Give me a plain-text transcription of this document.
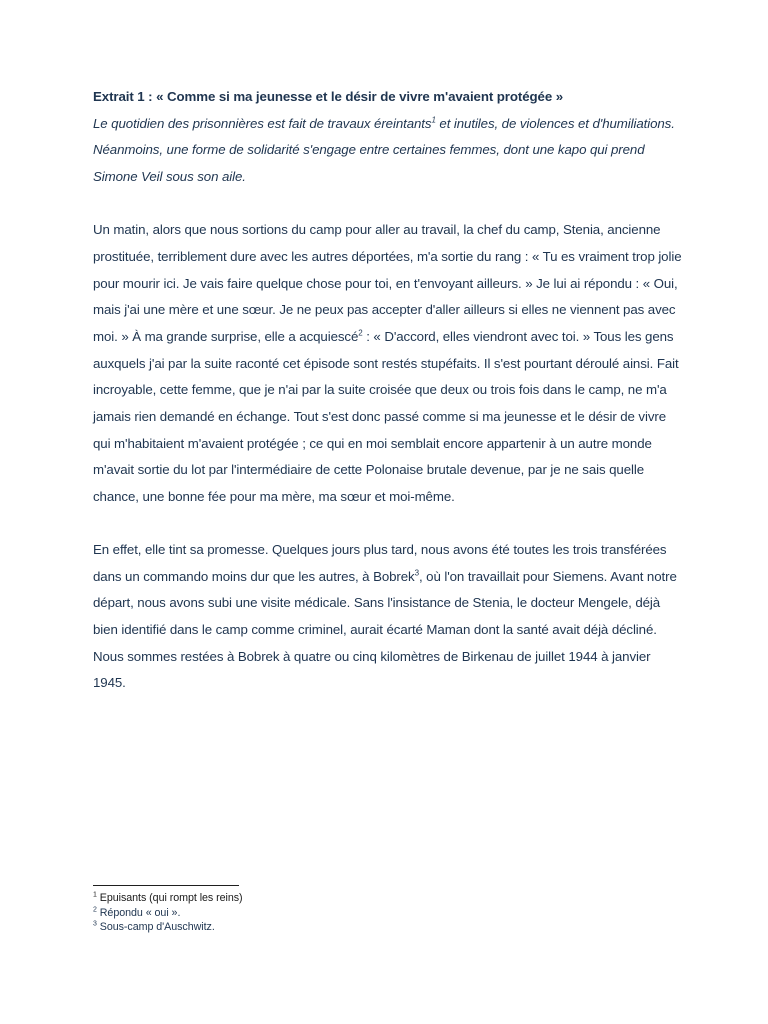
Extrait 1 : « Comme si ma jeunesse et le désir de vivre m'avaient protégée »

Le quotidien des prisonnières est fait de travaux éreintants$^1$ et inutiles, de violences et d'humiliations. Néanmoins, une forme de solidarité s'engage entre certaines femmes, dont une kapo qui prend Simone Veil sous son aile.

Un matin, alors que nous sortions du camp pour aller au travail, la chef du camp, Stenia, ancienne prostituée, terriblement dure avec les autres déportées, m'a sortie du rang : « Tu es vraiment trop jolie pour mourir ici. Je vais faire quelque chose pour toi, en t'envoyant ailleurs. » Je lui ai répondu : « Oui, mais j'ai une mère et une sœur. Je ne peux pas accepter d'aller ailleurs si elles ne viennent pas avec moi. » À ma grande surprise, elle a acquiescé$^2$ : « D'accord, elles viendront avec toi. » Tous les gens auxquels j'ai par la suite raconté cet épisode sont restés stupéfaits. Il s'est pourtant déroulé ainsi. Fait incroyable, cette femme, que je n'ai par la suite croisée que deux ou trois fois dans le camp, ne m'a jamais rien demandé en échange. Tout s'est donc passé comme si ma jeunesse et le désir de vivre qui m'habitaient m'avaient protégée ; ce qui en moi semblait encore appartenir à un autre monde m'avait sortie du lot par l'intermédiaire de cette Polonaise brutale devenue, par je ne sais quelle chance, une bonne fée pour ma mère, ma sœur et moi-même.

En effet, elle tint sa promesse. Quelques jours plus tard, nous avons été toutes les trois transférées dans un commando moins dur que les autres, à Bobrek$^3$, où l'on travaillait pour Siemens. Avant notre départ, nous avons subi une visite médicale. Sans l'insistance de Stenia, le docteur Mengele, déjà bien identifié dans le camp comme criminel, aurait écarté Maman dont la santé avait déjà décliné. Nous sommes restées à Bobrek à quatre ou cinq kilomètres de Birkenau de juillet 1944 à janvier 1945.

$^1$ Epuisants (qui rompt les reins)

$^2$ Répondu « oui ».

$^3$ Sous-camp d'Auschwitz.
